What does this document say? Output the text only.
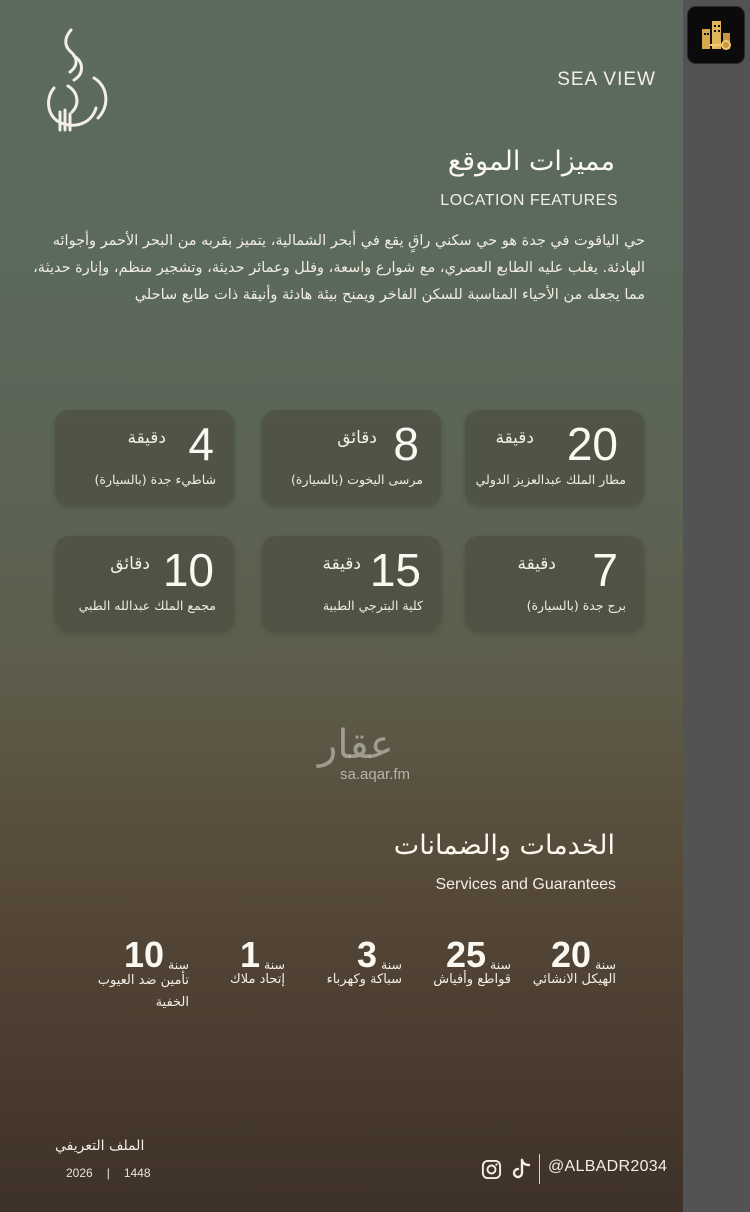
SEA VIEW
مميزات الموقع
LOCATION FEATURES
حي الياقوت في جدة هو حي سكني راقٍ يقع في أبحر الشمالية، يتميز بقربه من البحر الأحمر وأجوائه الهادئة. يغلب عليه الطابع العصري، مع شوارع واسعة، وفلل وعمائر حديثة، وتشجير منظم، وإنارة حديثة، مما يجعله من الأحياء المناسبة للسكن الفاخر ويمنح بيئة هادئة وأنيقة ذات طابع ساحلي
20
دقيقة
مطار الملك عبدالعزيز الدولي
8
دقائق
مرسى اليخوت (بالسيارة)
4
دقيقة
شاطيء جدة (بالسيارة)
7
دقيقة
برج جدة (بالسيارة)
15
دقيقة
كلية البترجي الطبية
10
دقائق
مجمع الملك عبدالله الطبي
عقار
sa.aqar.fm
الخدمات والضمانات
Services and Guarantees
سنة20
الهيكل الانشائي
سنة25
قواطع وأفياش
سنة3
سباكة وكهرباء
سنة1
إتحاد ملاك
سنة10
تأمين ضد العيوب الخفية
الملف التعريفي
2026 | 1448	@ALBADR2034
